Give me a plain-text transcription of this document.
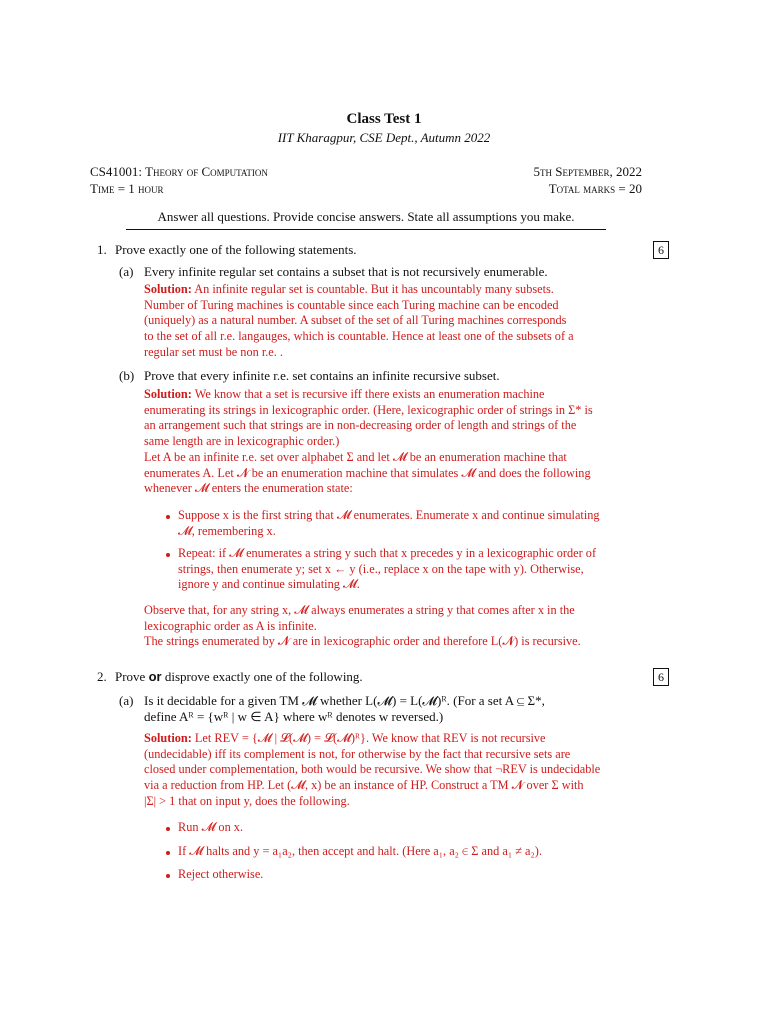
Class Test 1
IIT Kharagpur, CSE Dept., Autumn 2022
CS41001: Theory of Computation
Time = 1 hour
5th September, 2022
Total marks = 20
Answer all questions. Provide concise answers. State all assumptions you make.
1. Prove exactly one of the following statements.	6
(a) Every infinite regular set contains a subset that is not recursively enumerable.
Solution: An infinite regular set is countable. But it has uncountably many subsets.
Number of Turing machines is countable since each Turing machine can be encoded
(uniquely) as a natural number. A subset of the set of all Turing machines corresponds
to the set of all r.e. langauges, which is countable. Hence at least one of the subsets of a
regular set must be non r.e. .
(b) Prove that every infinite r.e. set contains an infinite recursive subset.
Solution: We know that a set is recursive iff there exists an enumeration machine
enumerating its strings in lexicographic order. (Here, lexicographic order of strings in Σ* is
an arrangement such that strings are in non-decreasing order of length and strings of the
same length are in lexicographic order.)
Let A be an infinite r.e. set over alphabet Σ and let 𝓜 be an enumeration machine that
enumerates A. Let 𝓝 be an enumeration machine that simulates 𝓜 and does the following
whenever 𝓜 enters the enumeration state:
Suppose x is the first string that 𝓜 enumerates. Enumerate x and continue simulating
𝓜, remembering x.
Repeat: if 𝓜 enumerates a string y such that x precedes y in a lexicographic order of
strings, then enumerate y; set x ← y (i.e., replace x on the tape with y). Otherwise,
ignore y and continue simulating 𝓜.
Observe that, for any string x, 𝓜 always enumerates a string y that comes after x in the
lexicographic order as A is infinite.
The strings enumerated by 𝓝 are in lexicographic order and therefore L(𝓝) is recursive.
2. Prove or disprove exactly one of the following.	6
(a) Is it decidable for a given TM 𝓜 whether L(𝓜) = L(𝓜)ᴿ. (For a set A ⊆ Σ*,
define Aᴿ = {wᴿ | w ∈ A} where wᴿ denotes w reversed.)
Solution: Let REV = {𝓜 | 𝓛(𝓜) = 𝓛(𝓜)ᴿ}. We know that REV is not recursive
(undecidable) iff its complement is not, for otherwise by the fact that recursive sets are
closed under complementation, both would be recursive. We show that ¬REV is undecidable
via a reduction from HP. Let (𝓜, x) be an instance of HP. Construct a TM 𝓝 over Σ with
|Σ| > 1 that on input y, does the following.
Run 𝓜 on x.
If 𝓜 halts and y = a₁a₂, then accept and halt. (Here a₁, a₂ ∈ Σ and a₁ ≠ a₂).
Reject otherwise.
